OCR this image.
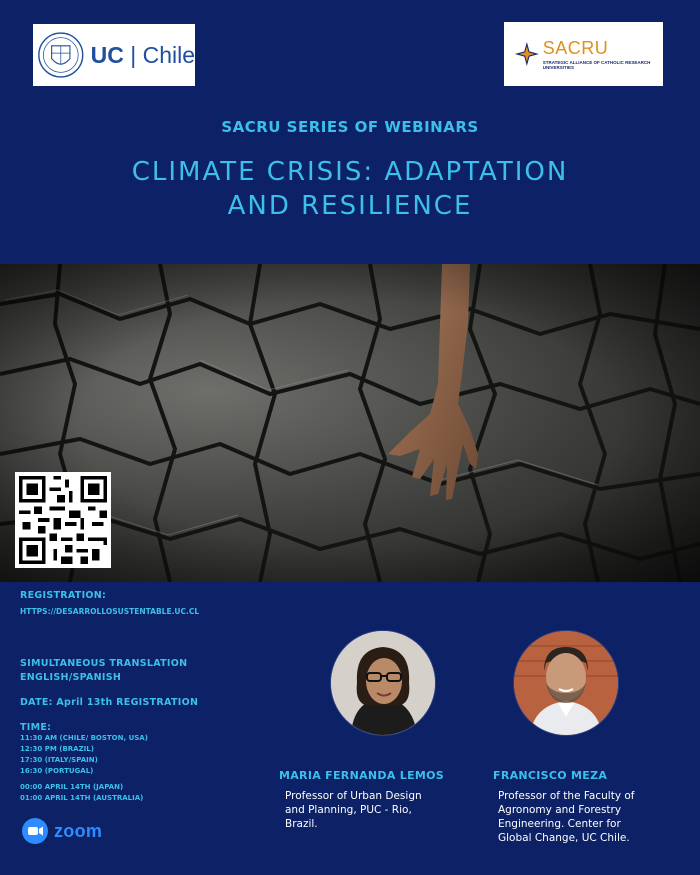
UC | Chile	SACRU
STRATEGIC ALLIANCE OF CATHOLIC RESEARCH UNIVERSITIES
SACRU SERIES OF WEBINARS
CLIMATE CRISIS: ADAPTATION
AND RESILIENCE
REGISTRATION:
HTTPS://DESARROLLOSUSTENTABLE.UC.CL
SIMULTANEOUS TRANSLATION
ENGLISH/SPANISH
DATE: April 13th REGISTRATION
TIME:
11:30 AM (CHILE/ BOSTON, USA)
12:30 PM (BRAZIL)
17:30 (ITALY/SPAIN)
16:30 (PORTUGAL)
00:00 APRIL 14TH (JAPAN)
01:00 APRIL 14TH (AUSTRALIA)
zoom
MARIA FERNANDA LEMOS
Professor of Urban Design
and Planning, PUC - Rio,
Brazil.
FRANCISCO MEZA
Professor of the Faculty of
Agronomy and Forestry
Engineering. Center for
Global Change, UC Chile.
